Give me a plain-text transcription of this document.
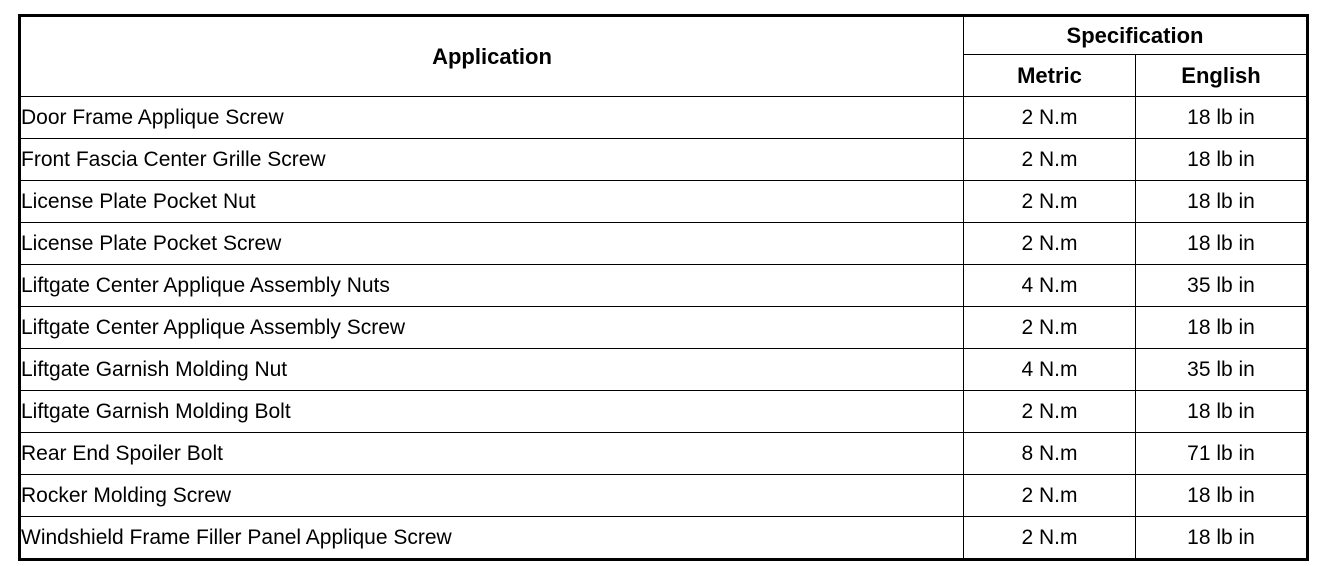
Application	Specification	
	Metric	English
Door Frame Applique Screw	2 N.m	18 lb in
Front Fascia Center Grille Screw	2 N.m	18 lb in
License Plate Pocket Nut	2 N.m	18 lb in
License Plate Pocket Screw	2 N.m	18 lb in
Liftgate Center Applique Assembly Nuts	4 N.m	35 lb in
Liftgate Center Applique Assembly Screw	2 N.m	18 lb in
Liftgate Garnish Molding Nut	4 N.m	35 lb in
Liftgate Garnish Molding Bolt	2 N.m	18 lb in
Rear End Spoiler Bolt	8 N.m	71 lb in
Rocker Molding Screw	2 N.m	18 lb in
Windshield Frame Filler Panel Applique Screw	2 N.m	18 lb in
